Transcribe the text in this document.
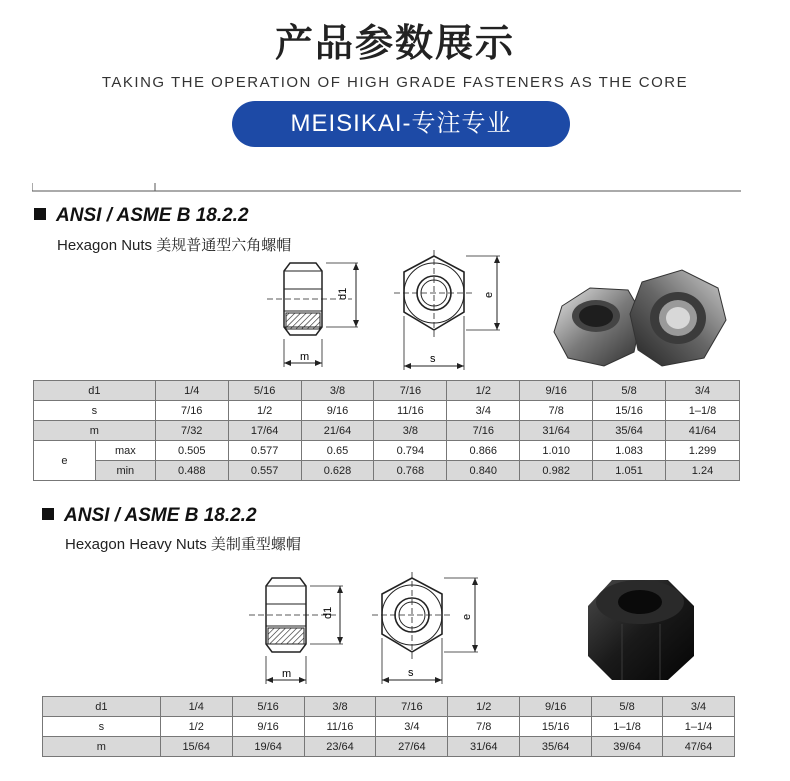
产品参数展示
TAKING THE OPERATION OF HIGH GRADE FASTENERS AS THE CORE
MEISIKAI-专注专业
ANSI / ASME B 18.2.2
Hexagon Nuts 美规普通型六角螺帽
d1
m
e
s
d1		1/4	5/16	3/8	7/16	1/2	9/16	5/8	3/4
s		7/16	1/2	9/16	11/16	3/4	7/8	15/16	1–1/8
m		7/32	17/64	21/64	3/8	7/16	31/64	35/64	41/64
e	max	0.505	0.577	0.65	0.794	0.866	1.010	1.083	1.299
	min	0.488	0.557	0.628	0.768	0.840	0.982	1.051	1.24
ANSI / ASME B 18.2.2
Hexagon Heavy Nuts 美制重型螺帽
d1
m
e
s
d1	1/4	5/16	3/8	7/16	1/2	9/16	5/8	3/4
s	1/2	9/16	11/16	3/4	7/8	15/16	1–1/8	1–1/4
m	15/64	19/64	23/64	27/64	31/64	35/64	39/64	47/64
